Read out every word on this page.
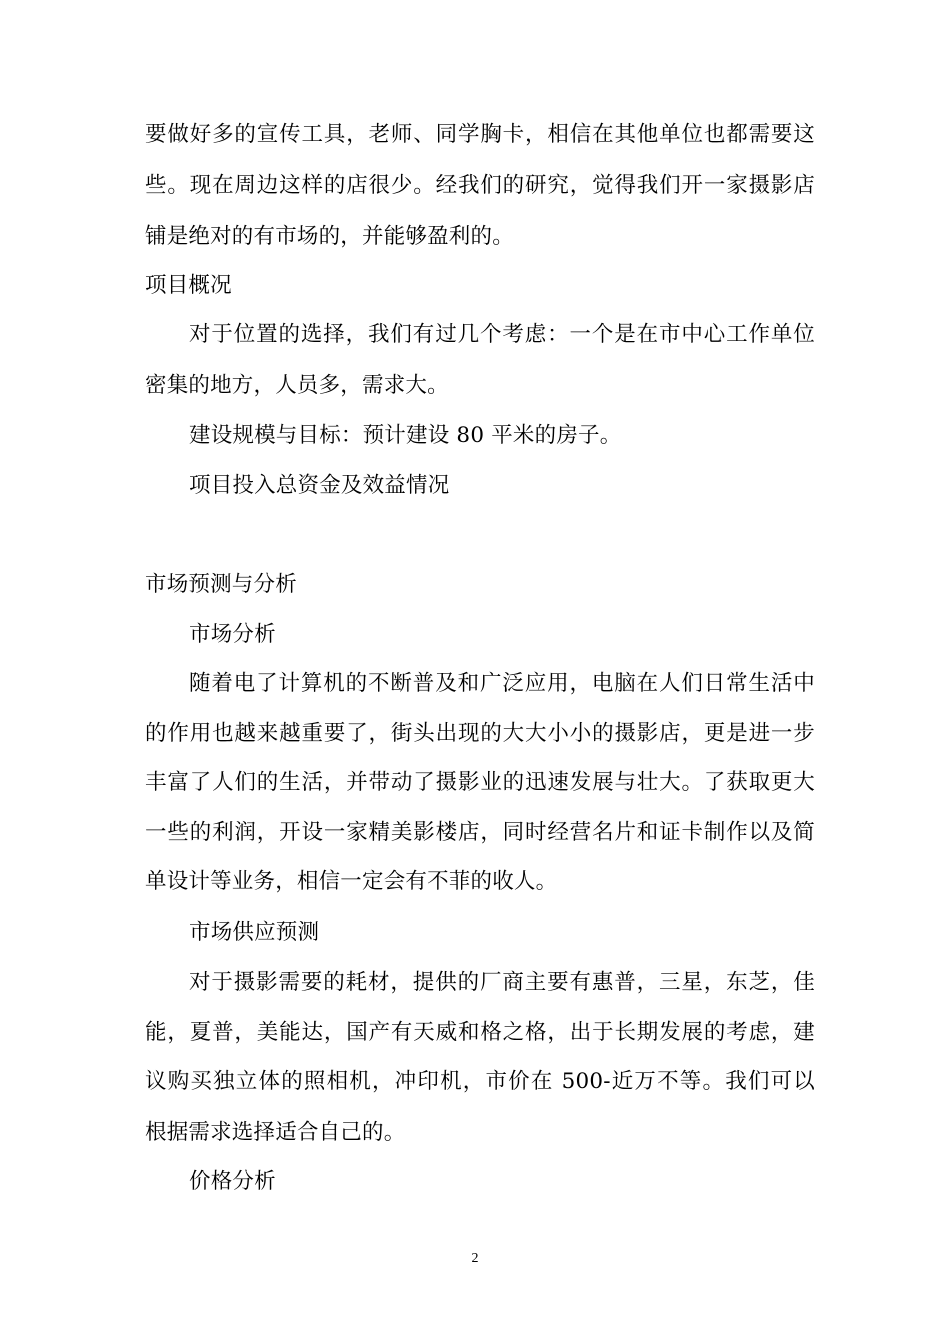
要做好多的宣传工具，老师、同学胸卡，相信在其他单位也都需要这
些。现在周边这样的店很少。经我们的研究，觉得我们开一家摄影店
铺是绝对的有市场的，并能够盈利的。
项目概况
对于位置的选择，我们有过几个考虑：一个是在市中心工作单位
密集的地方，人员多，需求大。
建设规模与目标：预计建设 80 平米的房子。
项目投入总资金及效益情况
市场预测与分析
市场分析
随着电了计算机的不断普及和广泛应用，电脑在人们日常生活中
的作用也越来越重要了，街头出现的大大小小的摄影店，更是进一步
丰富了人们的生活，并带动了摄影业的迅速发展与壮大。了获取更大
一些的利润，开设一家精美影楼店，同时经营名片和证卡制作以及简
单设计等业务，相信一定会有不菲的收人。
市场供应预测
对于摄影需要的耗材，提供的厂商主要有惠普，三星，东芝，佳
能，夏普，美能达，国产有天威和格之格，出于长期发展的考虑，建
议购买独立体的照相机，冲印机，市价在 500-近万不等。我们可以
根据需求选择适合自己的。
价格分析
2
